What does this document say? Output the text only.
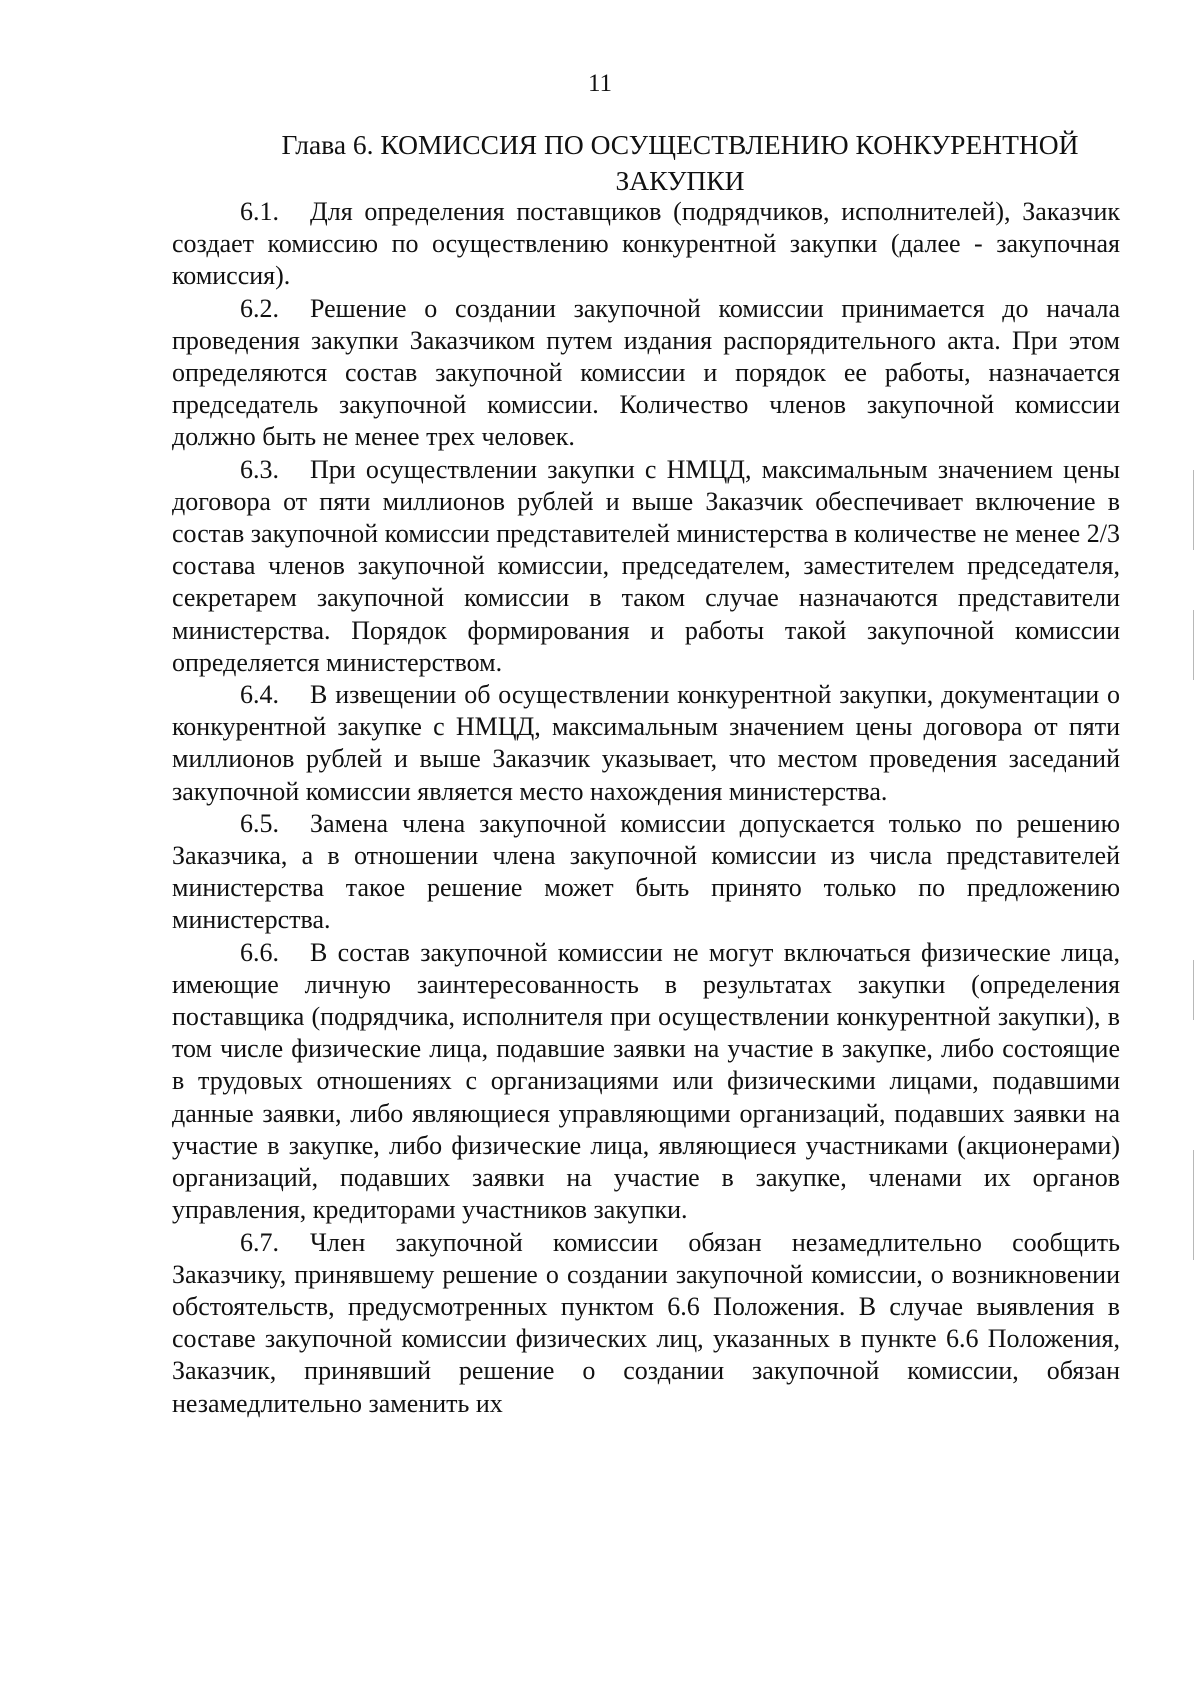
11
Глава 6. КОМИССИЯ ПО ОСУЩЕСТВЛЕНИЮ КОНКУРЕНТНОЙ ЗАКУПКИ

6.1. Для определения поставщиков (подрядчиков, исполнителей), Заказчик создает комиссию по осуществлению конкурентной закупки (далее - закупочная комиссия).

6.2. Решение о создании закупочной комиссии принимается до начала проведения закупки Заказчиком путем издания распорядительного акта. При этом определяются состав закупочной комиссии и порядок ее работы, назначается председатель закупочной комиссии. Количество членов закупочной комиссии должно быть не менее трех человек.

6.3. При осуществлении закупки с НМЦД, максимальным значением цены договора от пяти миллионов рублей и выше Заказчик обеспечивает включение в состав закупочной комиссии представителей министерства в количестве не менее 2/3 состава членов закупочной комиссии, председателем, заместителем председателя, секретарем закупочной комиссии в таком случае назначаются представители министерства. Порядок формирования и работы такой закупочной комиссии определяется министерством.

6.4. В извещении об осуществлении конкурентной закупки, документации о конкурентной закупке с НМЦД, максимальным значением цены договора от пяти миллионов рублей и выше Заказчик указывает, что местом проведения заседаний закупочной комиссии является место нахождения министерства.

6.5. Замена члена закупочной комиссии допускается только по решению Заказчика, а в отношении члена закупочной комиссии из числа представителей министерства такое решение может быть принято только по предложению министерства.

6.6. В состав закупочной комиссии не могут включаться физические лица, имеющие личную заинтересованность в результатах закупки (определения поставщика (подрядчика, исполнителя при осуществлении конкурентной закупки), в том числе физические лица, подавшие заявки на участие в закупке, либо состоящие в трудовых отношениях с организациями или физическими лицами, подавшими данные заявки, либо являющиеся управляющими организаций, подавших заявки на участие в закупке, либо физические лица, являющиеся участниками (акционерами) организаций, подавших заявки на участие в закупке, членами их органов управления, кредиторами участников закупки.

6.7. Член закупочной комиссии обязан незамедлительно сообщить Заказчику, принявшему решение о создании закупочной комиссии, о возникновении обстоятельств, предусмотренных пунктом 6.6 Положения. В случае выявления в составе закупочной комиссии физических лиц, указанных в пункте 6.6 Положения, Заказчик, принявший решение о создании закупочной комиссии, обязан незамедлительно заменить их
